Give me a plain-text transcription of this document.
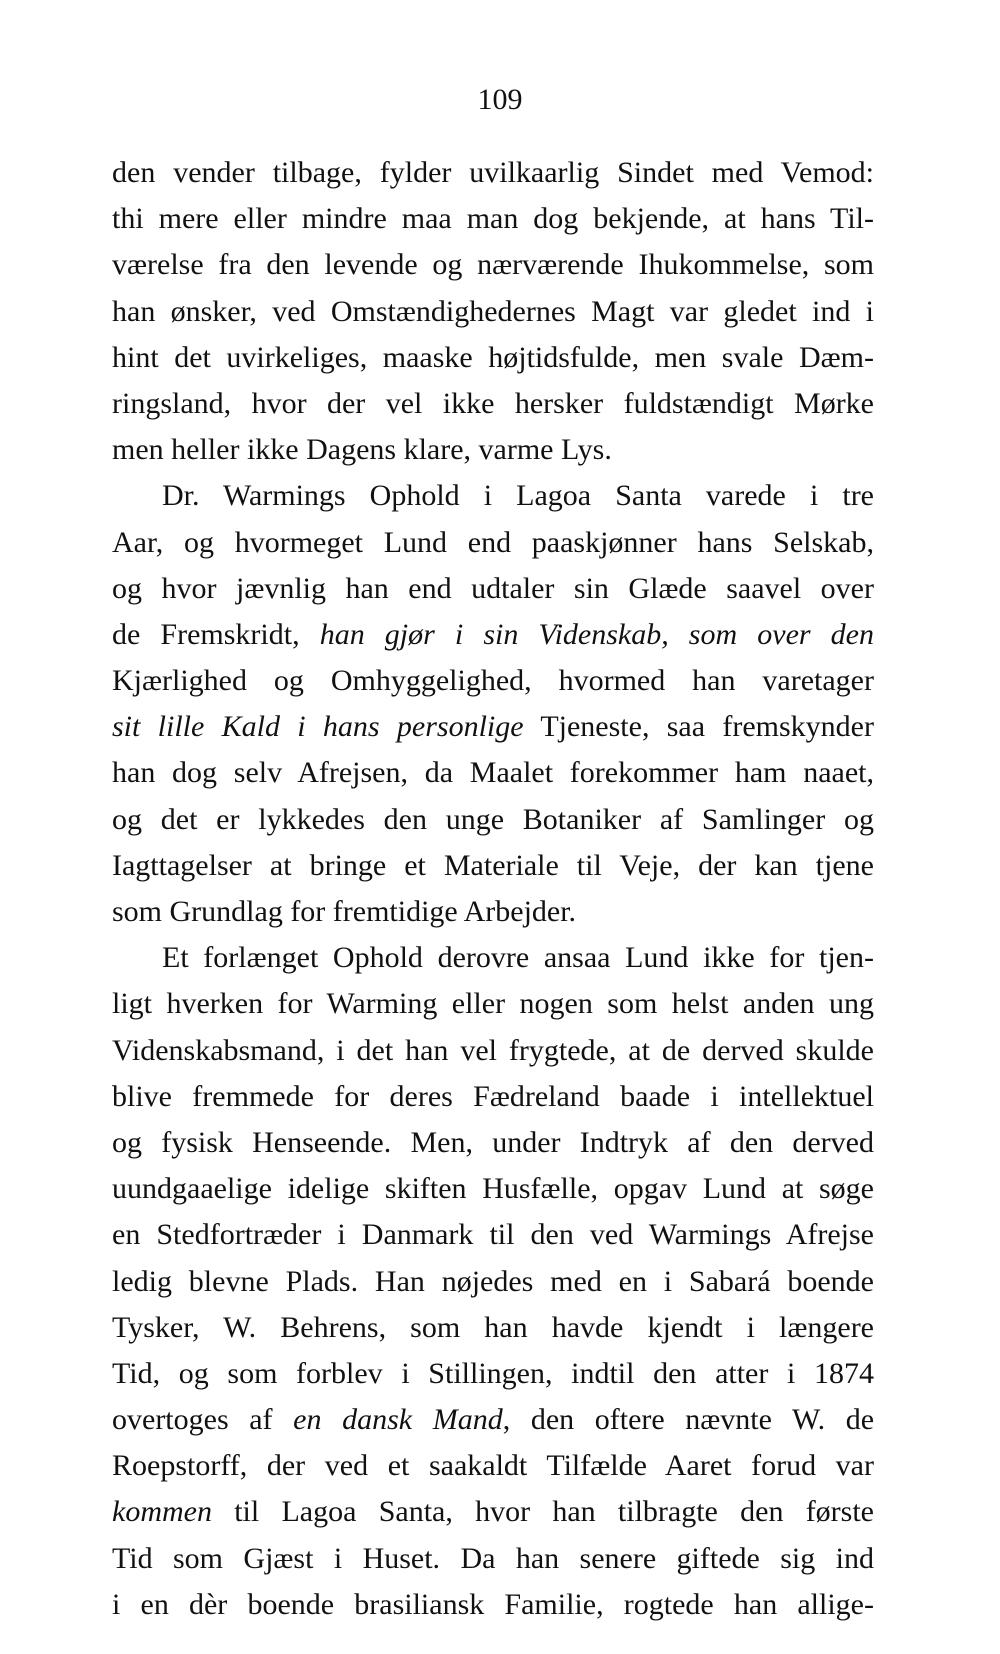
109
den vender tilbage, fylder uvilkaarlig Sindet med Vemod:
thi mere eller mindre maa man dog bekjende, at hans Til-
værelse fra den levende og nærværende Ihukommelse, som
han ønsker, ved Omstændighedernes Magt var gledet ind i
hint det uvirkeliges, maaske højtidsfulde, men svale Dæm-
ringsland, hvor der vel ikke hersker fuldstændigt Mørke
men heller ikke Dagens klare, varme Lys.
Dr. Warmings Ophold i Lagoa Santa varede i tre
Aar, og hvormeget Lund end paaskjønner hans Selskab,
og hvor jævnlig han end udtaler sin Glæde saavel over
de Fremskridt, han gjør i sin Videnskab, som over den
Kjærlighed og Omhyggelighed, hvormed han varetager
sit lille Kald i hans personlige Tjeneste, saa fremskynder
han dog selv Afrejsen, da Maalet forekommer ham naaet,
og det er lykkedes den unge Botaniker af Samlinger og
Iagttagelser at bringe et Materiale til Veje, der kan tjene
som Grundlag for fremtidige Arbejder.
Et forlænget Ophold derovre ansaa Lund ikke for tjen-
ligt hverken for Warming eller nogen som helst anden ung
Videnskabsmand, i det han vel frygtede, at de derved skulde
blive fremmede for deres Fædreland baade i intellektuel
og fysisk Henseende. Men, under Indtryk af den derved
uundgaaelige idelige skiften Husfælle, opgav Lund at søge
en Stedfortræder i Danmark til den ved Warmings Afrejse
ledig blevne Plads. Han nøjedes med en i Sabará boende
Tysker, W. Behrens, som han havde kjendt i længere
Tid, og som forblev i Stillingen, indtil den atter i 1874
overtoges af en dansk Mand, den oftere nævnte W. de
Roepstorff, der ved et saakaldt Tilfælde Aaret forud var
kommen til Lagoa Santa, hvor han tilbragte den første
Tid som Gjæst i Huset. Da han senere giftede sig ind
i en dèr boende brasiliansk Familie, rogtede han allige-
